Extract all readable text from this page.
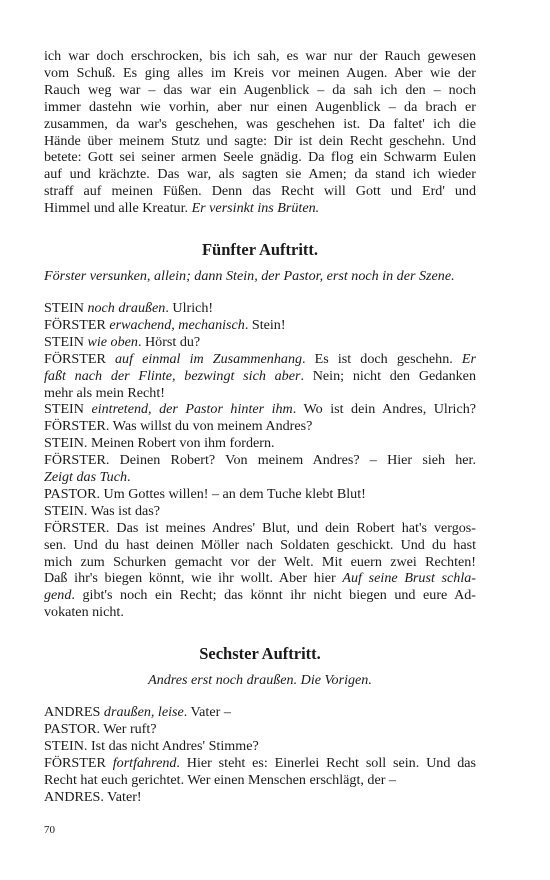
ich war doch erschrocken, bis ich sah, es war nur der Rauch gewesen

vom Schuß. Es ging alles im Kreis vor meinen Augen. Aber wie der

Rauch weg war – das war ein Augenblick – da sah ich den – noch

immer dastehn wie vorhin, aber nur einen Augenblick – da brach er

zusammen, da war's geschehen, was geschehen ist. Da faltet' ich die

Hände über meinem Stutz und sagte: Dir ist dein Recht geschehn. Und

betete: Gott sei seiner armen Seele gnädig. Da flog ein Schwarm Eulen

auf und krächzte. Das war, als sagten sie Amen; da stand ich wieder

straff auf meinen Füßen. Denn das Recht will Gott und Erd' und

Himmel und alle Kreatur. Er versinkt ins Brüten.

Fünfter Auftritt.

Förster versunken, allein; dann Stein, der Pastor, erst noch in der Szene.

STEIN noch draußen. Ulrich!

FÖRSTER erwachend, mechanisch. Stein!

STEIN wie oben. Hörst du?

FÖRSTER auf einmal im Zusammenhang. Es ist doch geschehn. Er

faßt nach der Flinte, bezwingt sich aber. Nein; nicht den Gedanken

mehr als mein Recht!

STEIN eintretend, der Pastor hinter ihm. Wo ist dein Andres, Ulrich?

FÖRSTER. Was willst du von meinem Andres?

STEIN. Meinen Robert von ihm fordern.

FÖRSTER. Deinen Robert? Von meinem Andres? – Hier sieh her.

Zeigt das Tuch.

PASTOR. Um Gottes willen! – an dem Tuche klebt Blut!

STEIN. Was ist das?

FÖRSTER. Das ist meines Andres' Blut, und dein Robert hat's vergos-

sen. Und du hast deinen Möller nach Soldaten geschickt. Und du hast

mich zum Schurken gemacht vor der Welt. Mit euern zwei Rechten!

Daß ihr's biegen könnt, wie ihr wollt. Aber hier Auf seine Brust schla-

gend. gibt's noch ein Recht; das könnt ihr nicht biegen und eure Ad-

vokaten nicht.

Sechster Auftritt.

Andres erst noch draußen. Die Vorigen.

ANDRES draußen, leise. Vater –

PASTOR. Wer ruft?

STEIN. Ist das nicht Andres' Stimme?

FÖRSTER fortfahrend. Hier steht es: Einerlei Recht soll sein. Und das

Recht hat euch gerichtet. Wer einen Menschen erschlägt, der –

ANDRES. Vater!

70
